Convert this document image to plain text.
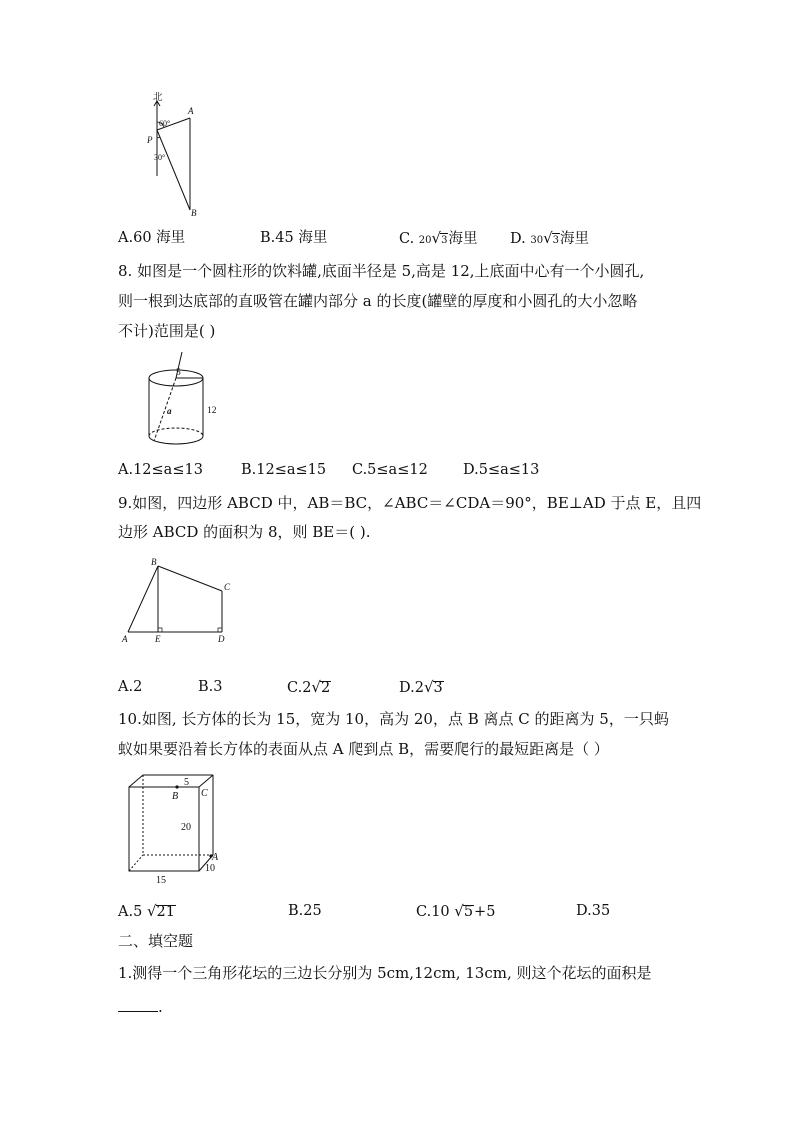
北
A
P
B
60°
30°
A.60 海里	B.45 海里	C. 20√3海里 D. 30√3海里
8. 如图是一个圆柱形的饮料罐,底面半径是 5,高是 12,上底面中心有一个小圆孔,
则一根到达底部的直吸管在罐内部分 a 的长度(罐壁的厚度和小圆孔的大小忽略
不计)范围是( )
5
a	12
A.12≤a≤13	B.12≤a≤15 C.5≤a≤12 D.5≤a≤13
9.如图，四边形 ABCD 中，AB＝BC，∠ABC＝∠CDA＝90°，BE⊥AD 于点 E，且四
边形 ABCD 的面积为 8，则 BE＝( ).
B
C
A	E	D
A.2	B.3	C.2√2	D.2√3
10.如图, 长方体的长为 15，宽为 10，高为 20，点 B 离点 C 的距离为 5，一只蚂
蚁如果要沿着长方体的表面从点 A 爬到点 B，需要爬行的最短距离是（ ）
5
B C
20
A
10
15
A.5 √21	B.25	C.10 √5+5	D.35
二、填空题
1.测得一个三角形花坛的三边长分别为 5cm,12cm, 13cm, 则这个花坛的面积是
.
